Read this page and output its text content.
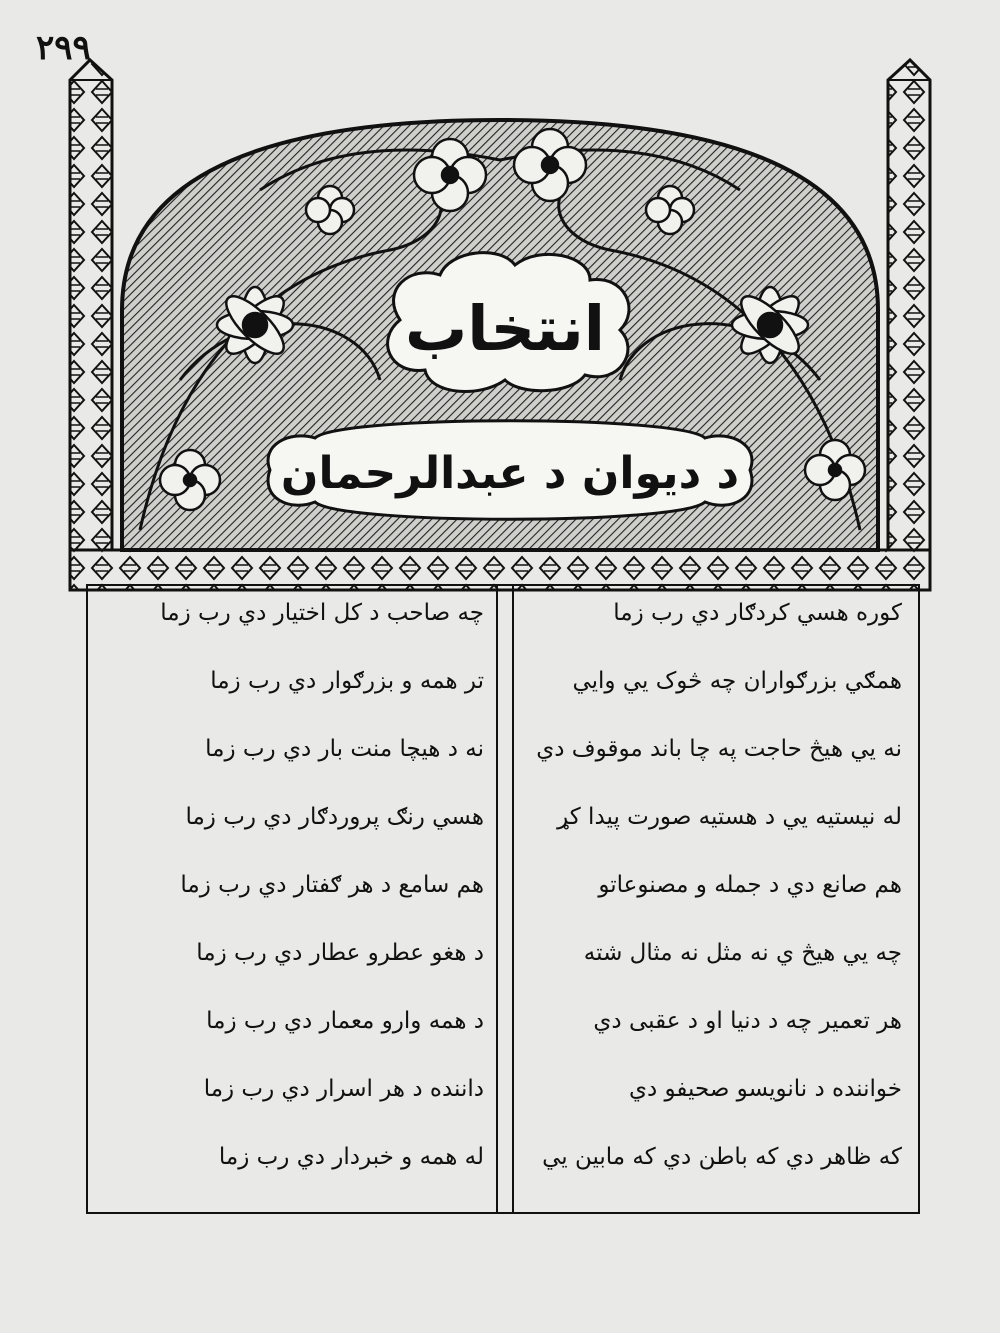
۲۹۹
انتخاب
د دیوان د عبدالرحمان
کوره هسي کردګار دي رب زما
همګي بزرګواران چه څوک يي وايي
نه يي هيڅ حاجت په چا باند موقوف دي
له نيستيه يي د هستيه صورت پيدا کړ
هم صانع دي د جمله و مصنوعاتو
چه يي هيڅ ي نه مثل نه مثال شته
هر تعمير چه د دنيا او د عقبی دي
خواننده د نانويسو صحيفو دي
که ظاهر دي که باطن دي که مابين يي
چه صاحب د کل اختيار دي رب زما
تر همه و بزرګوار دي رب زما
نه د هيچا منت بار دي رب زما
هسي رنګ پروردګار دي رب زما
هم سامع د هر ګفتار دي رب زما
د هغو عطرو عطار دي رب زما
د همه وارو معمار دي رب زما
داننده د هر اسرار دي رب زما
له همه و خبردار دي رب زما
